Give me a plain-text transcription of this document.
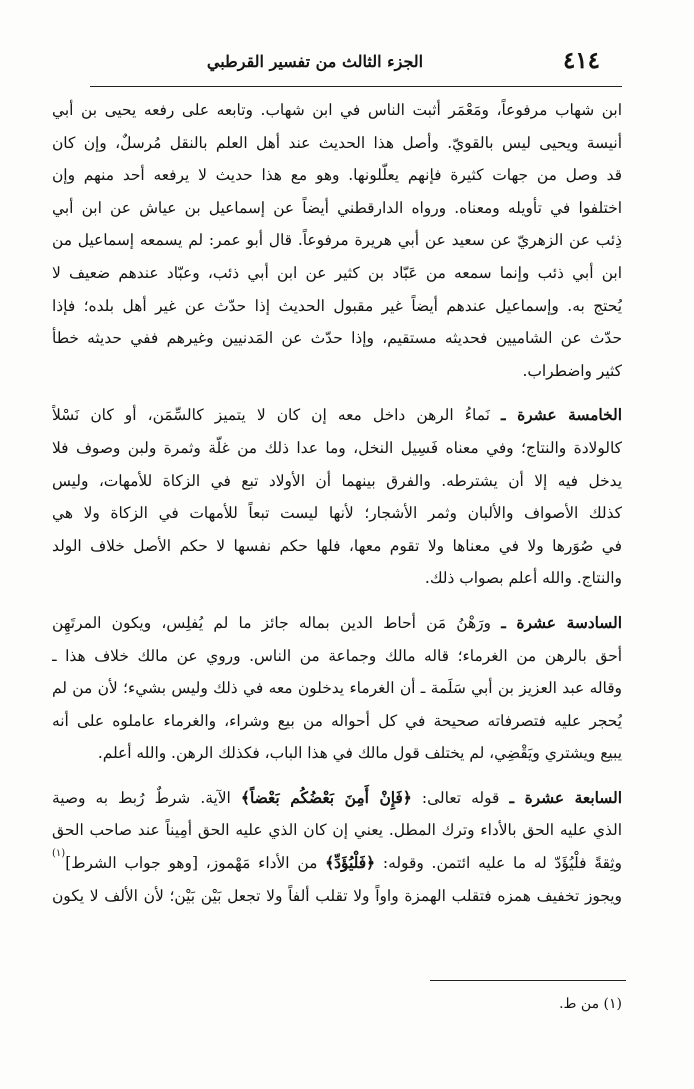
الجزء الثالث من تفسير القرطبي	٤١٤
ابن شهاب مرفوعاً، ومَعْمَر أثبت الناس في ابن شهاب. وتابعه على رفعه يحيى بن أبي
أنيسة ويحيى ليس بالقويّ. وأصل هذا الحديث عند أهل العلم بالنقل مُرسلٌ، وإن كان
قد وصل من جهات كثيرة فإنهم يعلّلونها. وهو مع هذا حديث لا يرفعه أحد منهم وإن
اختلفوا في تأويله ومعناه. ورواه الدارقطني أيضاً عن إسماعيل بن عياش عن ابن أبي
ذِئب عن الزهريّ عن سعيد عن أبي هريرة مرفوعاً. قال أبو عمر: لم يسمعه إسماعيل من
ابن أبي ذئب وإنما سمعه من عَبّاد بن كثير عن ابن أبي ذئب، وعبّاد عندهم ضعيف لا
يُحتج به. وإسماعيل عندهم أيضاً غير مقبول الحديث إذا حدّث عن غير أهل بلده؛ فإذا
حدّث عن الشاميين فحديثه مستقيم، وإذا حدّث عن المَدنيين وغيرهم ففي حديثه خطأ
كثير واضطراب.
الخامسة عشرة ـ نَماءُ الرهن داخل معه إن كان لا يتميز كالسِّمَن، أو كان نَسْلاً
كالولادة والنتاج؛ وفي معناه فَسِيل النخل، وما عدا ذلك من غلّة وثمرة ولبن وصوف فلا
يدخل فيه إلا أن يشترطه. والفرق بينهما أن الأولاد تبع في الزكاة للأمهات، وليس
كذلك الأصواف والألبان وثمر الأشجار؛ لأنها ليست تبعاً للأمهات في الزكاة ولا هي
في صُوَرها ولا في معناها ولا تقوم معها، فلها حكم نفسها لا حكم الأصل خلاف الولد
والنتاج. والله أعلم بصواب ذلك.
السادسة عشرة ـ ورَهْنُ مَن أحاط الدين بماله جائز ما لم يُفلِس، ويكون المرتَهِن
أحق بالرهن من الغرماء؛ قاله مالك وجماعة من الناس. وروي عن مالك خلاف هذا ـ
وقاله عبد العزيز بن أبي سَلَمة ـ أن الغرماء يدخلون معه في ذلك وليس بشيء؛ لأن من لم
يُحجر عليه فتصرفاته صحيحة في كل أحواله من بيع وشراء، والغرماء عاملوه على أنه
يبيع ويشتري ويَقْضِي، لم يختلف قول مالك في هذا الباب، فكذلك الرهن. والله أعلم.
السابعة عشرة ـ قوله تعالى: ﴿فَإِنْ أَمِنَ بَعْضُكُم بَعْضاً﴾ الآية. شرطٌ رُبط به وصية
الذي عليه الحق بالأداء وترك المطل. يعني إن كان الذي عليه الحق أمِيناً عند صاحب الحق
وثِقةً فلْيُؤَدّ له ما عليه ائتمن. وقوله: ﴿فَلْيُؤَدِّ﴾ من الأداء مَهْموز، [وهو جواب الشرط]$^{(١)}$
ويجوز تخفيف همزه فتقلب الهمزة واواً ولا تقلب ألفاً ولا تجعل بَيْن بَيْن؛ لأن الألف لا يكون
(١) من ط.
